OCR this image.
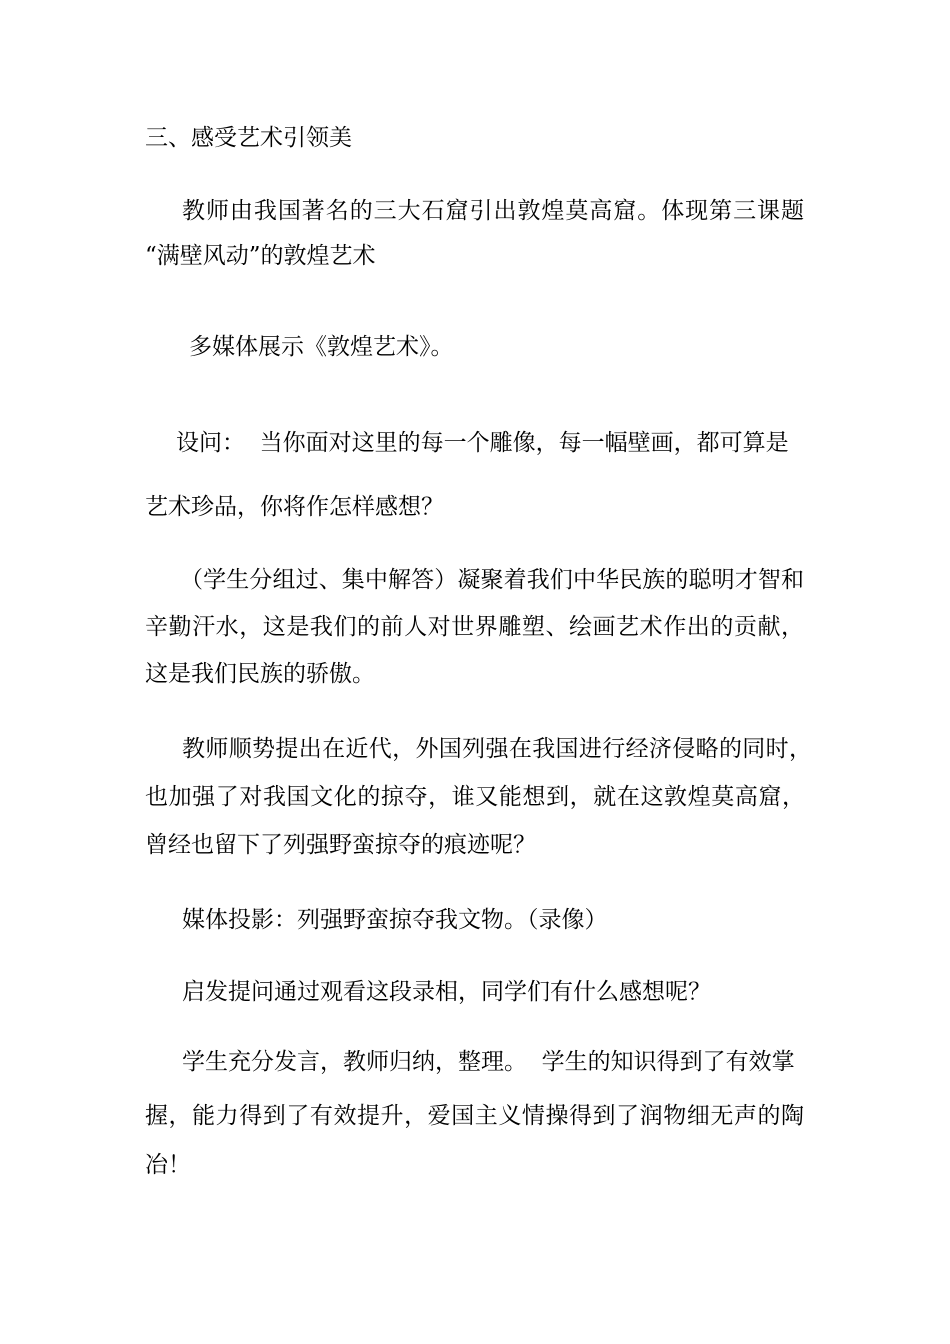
三、感受艺术引领美
教师由我国著名的三大石窟引出敦煌莫高窟。体现第三课题
“满壁风动”的敦煌艺术
多媒体展示《敦煌艺术》。
设问：  当你面对这里的每一个雕像，每一幅壁画，都可算是
艺术珍品，你将作怎样感想？
（学生分组过、集中解答）凝聚着我们中华民族的聪明才智和
辛勤汗水，这是我们的前人对世界雕塑、绘画艺术作出的贡献，
这是我们民族的骄傲。
教师顺势提出在近代，外国列强在我国进行经济侵略的同时，
也加强了对我国文化的掠夺，谁又能想到，就在这敦煌莫高窟，
曾经也留下了列强野蛮掠夺的痕迹呢？
媒体投影：列强野蛮掠夺我文物。（录像）
启发提问通过观看这段录相，同学们有什么感想呢？
学生充分发言，教师归纳，整理。  学生的知识得到了有效掌
握，能力得到了有效提升，爱国主义情操得到了润物细无声的陶
冶！
